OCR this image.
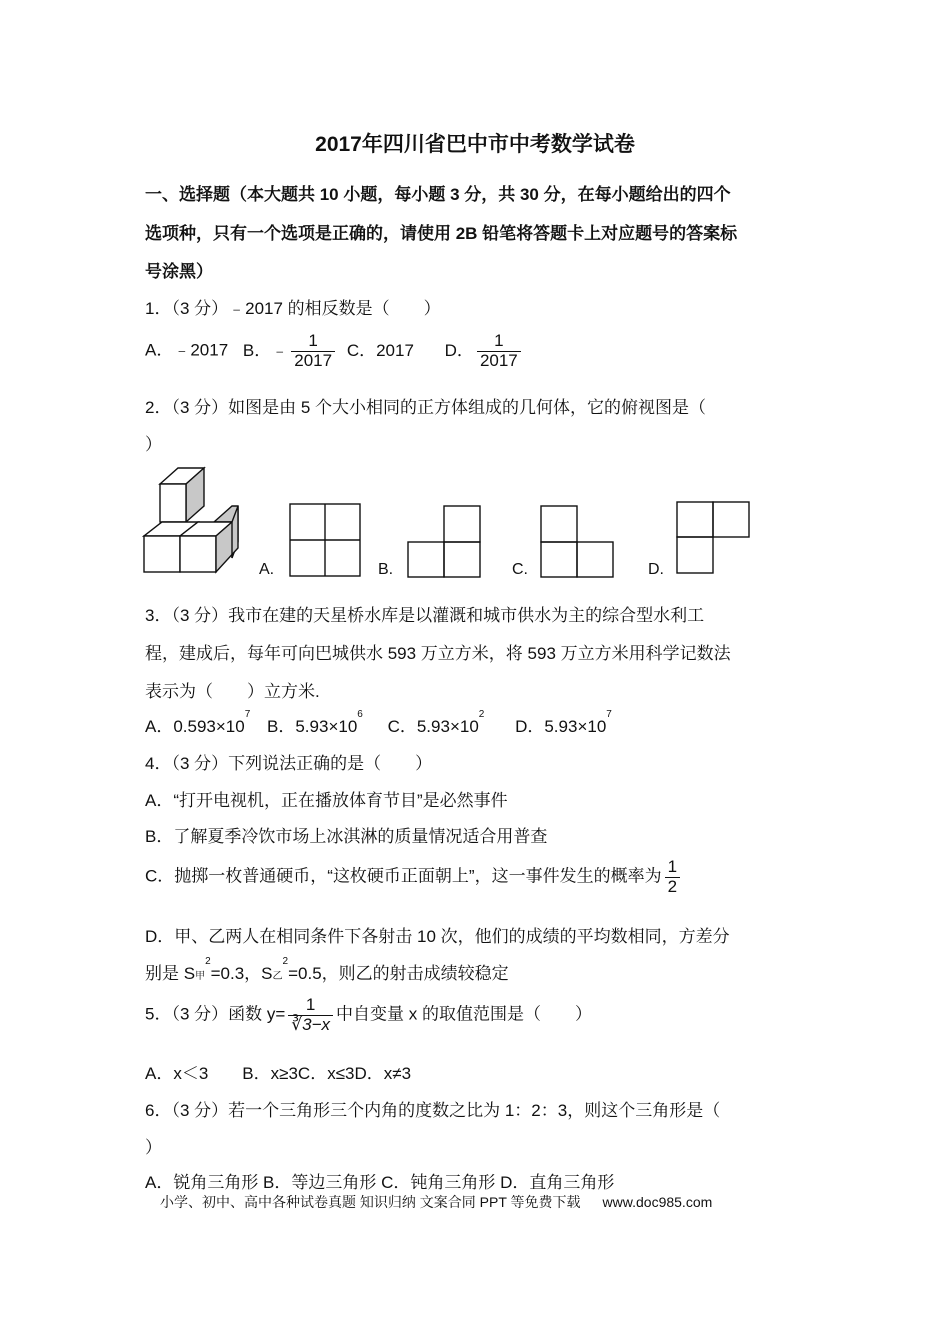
2017年四川省巴中市中考数学试卷
一、选择题（本大题共 10 小题，每小题 3 分，共 30 分，在每小题给出的四个
选项种，只有一个选项是正确的，请使用 2B 铅笔将答题卡上对应题号的答案标
号涂黑）
1．（3 分）﹣2017 的相反数是（　　）
A．﹣2017 B．﹣ $\frac{1}{2017}$ C．2017 D． $\frac{1}{2017}$
2．（3 分）如图是由 5 个大小相同的正方体组成的几何体，它的俯视图是（
）
A.	B.	C.	D.
3．（3 分）我市在建的天星桥水库是以灌溉和城市供水为主的综合型水利工
程，建成后，每年可向巴城供水 593 万立方米，将 593 万立方米用科学记数法
表示为（　　）立方米.
A．$0.593\times 10^7$ B．$5.93\times 10^6$ C．$5.93\times 10^2$ D．$5.93\times 10^7$
4．（3 分）下列说法正确的是（　　）
A．“打开电视机，正在播放体育节目”是必然事件
B．了解夏季冷饮市场上冰淇淋的质量情况适合用普查
C．抛掷一枚普通硬币，“这枚硬币正面朝上”，这一事件发生的概率为 $\frac{1}{2}$
D．甲、乙两人在相同条件下各射击 10 次，他们的成绩的平均数相同，方差分
别是 S甲$^2$=0.3，S乙$^2$=0.5，则乙的射击成绩较稳定
5．（3 分）函数 $y= \frac{1}{∛3-x}$ 中自变量 x 的取值范围是（　　）
A．x＜3　　B．x≥3C．x≤3D．x≠3
6．（3 分）若一个三角形三个内角的度数之比为 1：2：3，则这个三角形是（
）
A．锐角三角形 B．等边三角形 C．钝角三角形 D．直角三角形
小学、初中、高中各种试卷真题 知识归纳 文案合同 PPT 等免费下载 www.doc985.com
